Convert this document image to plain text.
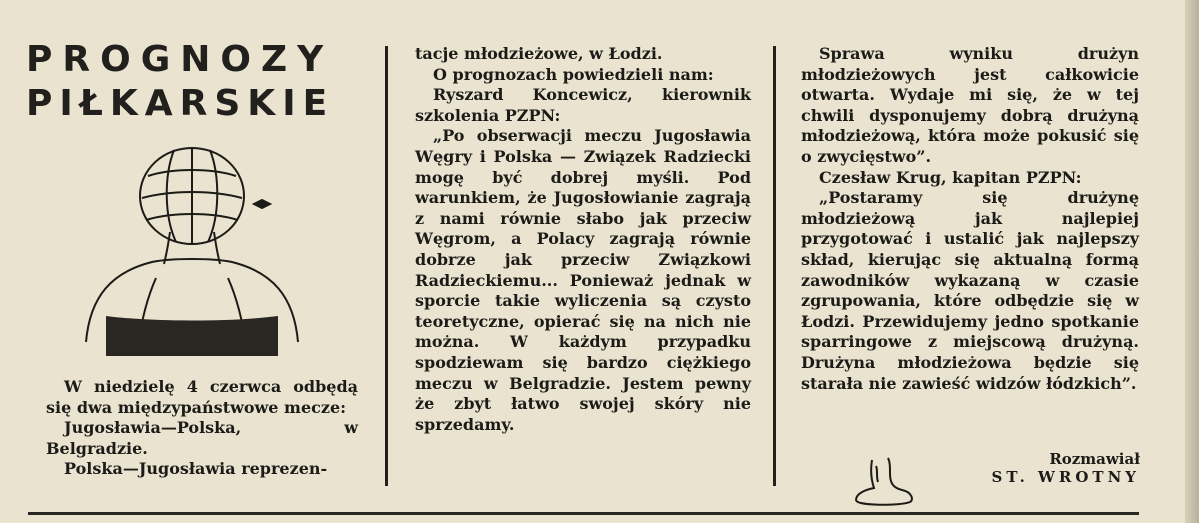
PROGNOZY
PIŁKARSKIE

W niedzielę 4 czerwca odbędą się dwa międzypaństwowe mecze:

Jugosławia—Polska, w Belgradzie.

Polska—Jugosławia reprezen-

tacje młodzieżowe, w Łodzi.

O prognozach powiedzieli nam:

Ryszard Koncewicz, kierownik szkolenia PZPN:

„Po obserwacji meczu Jugosławia Węgry i Polska — Związek Radziecki mogę być dobrej myśli. Pod warunkiem, że Jugosłowianie zagrają z nami równie słabo jak przeciw Węgrom, a Polacy zagrają równie dobrze jak przeciw Związkowi Radzieckiemu... Ponieważ jednak w sporcie takie wyliczenia są czysto teoretyczne, opierać się na nich nie można. W każdym przypadku spodziewam się bardzo ciężkiego meczu w Belgradzie. Jestem pewny że zbyt łatwo swojej skóry nie sprzedamy.

Sprawa wyniku drużyn młodzieżowych jest całkowicie otwarta. Wydaje mi się, że w tej chwili dysponujemy dobrą drużyną młodzieżową, która może pokusić się o zwycięstwo”.

Czesław Krug, kapitan PZPN:

„Postaramy się drużynę młodzieżową jak najlepiej przygotować i ustalić jak najlepszy skład, kierując się aktualną formą zawodników wykazaną w czasie zgrupowania, które odbędzie się w Łodzi. Przewidujemy jedno spotkanie sparringowe z miejscową drużyną. Drużyna młodzieżowa będzie się starała nie zawieść widzów łódzkich”.

Rozmawiał
ST. WROTNY
